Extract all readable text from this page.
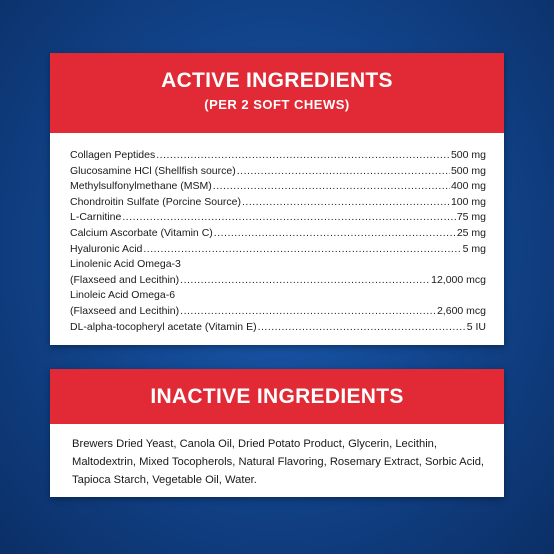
ACTIVE INGREDIENTS
(PER 2 SOFT CHEWS)
Collagen Peptides .....	500 mg
Glucosamine HCl (Shellfish source) .....	500 mg
Methylsulfonylmethane (MSM) .....	400 mg
Chondroitin Sulfate (Porcine Source) .....	100 mg
L-Carnitine .....	75 mg
Calcium Ascorbate (Vitamin C) .....	25 mg
Hyaluronic Acid .....	5 mg
Linolenic Acid Omega-3
(Flaxseed and Lecithin) .....	12,000 mcg
Linoleic Acid Omega-6
(Flaxseed and Lecithin) .....	2,600 mcg
DL-alpha-tocopheryl acetate (Vitamin E) .....	5 IU
INACTIVE INGREDIENTS
Brewers Dried Yeast, Canola Oil, Dried Potato Product, Glycerin, Lecithin, Maltodextrin, Mixed Tocopherols, Natural Flavoring, Rosemary Extract, Sorbic Acid, Tapioca Starch, Vegetable Oil, Water.
